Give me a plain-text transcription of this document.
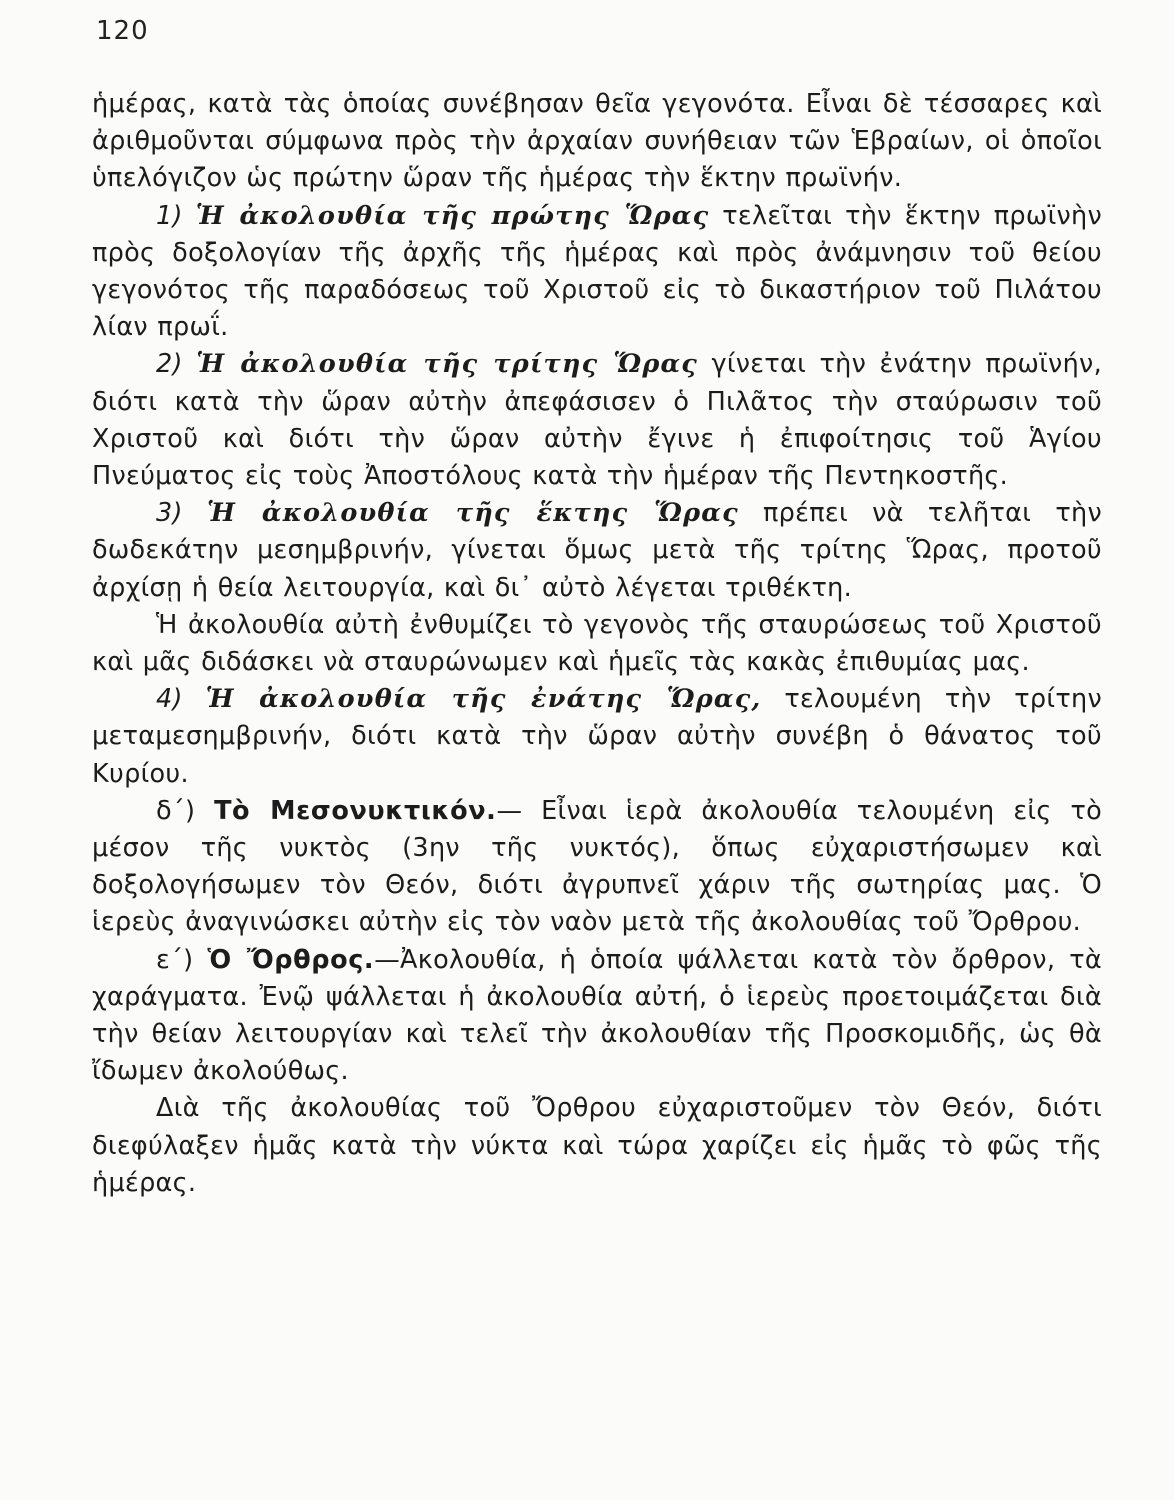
120

ἡμέρας, κατὰ τὰς ὁποίας συνέβησαν θεῖα γεγονότα. Εἶναι δὲ τέσσαρες καὶ ἀριθμοῦνται σύμφωνα πρὸς τὴν ἀρχαίαν συνήθειαν τῶν Ἑβραίων, οἱ ὁποῖοι ὑπελόγιζον ὡς πρώτην ὥραν τῆς ἡμέρας τὴν ἕκτην πρωϊνήν.

1) Ἡ ἀκολουθία τῆς πρώτης Ὥρας τελεῖται τὴν ἕκτην πρωϊνὴν πρὸς δοξολογίαν τῆς ἀρχῆς τῆς ἡμέρας καὶ πρὸς ἀνάμνησιν τοῦ θείου γεγονότος τῆς παραδόσεως τοῦ Χριστοῦ εἰς τὸ δικαστήριον τοῦ Πιλάτου λίαν πρωΐ.

2) Ἡ ἀκολουθία τῆς τρίτης Ὥρας γίνεται τὴν ἐνάτην πρωϊνήν, διότι κατὰ τὴν ὥραν αὐτὴν ἀπεφάσισεν ὁ Πιλᾶτος τὴν σταύρωσιν τοῦ Χριστοῦ καὶ διότι τὴν ὥραν αὐτὴν ἔγινε ἡ ἐπιφοίτησις τοῦ Ἁγίου Πνεύματος εἰς τοὺς Ἀποστόλους κατὰ τὴν ἡμέραν τῆς Πεντηκοστῆς.

3) Ἡ ἀκολουθία τῆς ἕκτης Ὥρας πρέπει νὰ τελῆται τὴν δωδεκάτην μεσημβρινήν, γίνεται ὅμως μετὰ τῆς τρίτης Ὥρας, προτοῦ ἀρχίσῃ ἡ θεία λειτουργία, καὶ δι᾽ αὐτὸ λέγεται τριθέκτη.

Ἡ ἀκολουθία αὐτὴ ἐνθυμίζει τὸ γεγονὸς τῆς σταυρώσεως τοῦ Χριστοῦ καὶ μᾶς διδάσκει νὰ σταυρώνωμεν καὶ ἡμεῖς τὰς κακὰς ἐπιθυμίας μας.

4) Ἡ ἀκολουθία τῆς ἐνάτης Ὥρας, τελουμένη τὴν τρίτην μεταμεσημβρινήν, διότι κατὰ τὴν ὥραν αὐτὴν συνέβη ὁ θάνατος τοῦ Κυρίου.

δ΄) Τὸ Μεσονυκτικόν.— Εἶναι ἱερὰ ἀκολουθία τελουμένη εἰς τὸ μέσον τῆς νυκτὸς (3ην τῆς νυκτός), ὅπως εὐχαριστήσωμεν καὶ δοξολογήσωμεν τὸν Θεόν, διότι ἀγρυπνεῖ χάριν τῆς σωτηρίας μας. Ὁ ἱερεὺς ἀναγινώσκει αὐτὴν εἰς τὸν ναὸν μετὰ τῆς ἀκολουθίας τοῦ Ὄρθρου.

ε΄) Ὁ Ὄρθρος.—Ἀκολουθία, ἡ ὁποία ψάλλεται κατὰ τὸν ὄρθρον, τὰ χαράγματα. Ἐνῷ ψάλλεται ἡ ἀκολουθία αὐτή, ὁ ἱερεὺς προετοιμάζεται διὰ τὴν θείαν λειτουργίαν καὶ τελεῖ τὴν ἀκολουθίαν τῆς Προσκομιδῆς, ὡς θὰ ἴδωμεν ἀκολούθως.

Διὰ τῆς ἀκολουθίας τοῦ Ὄρθρου εὐχαριστοῦμεν τὸν Θεόν, διότι διεφύλαξεν ἡμᾶς κατὰ τὴν νύκτα καὶ τώρα χαρίζει εἰς ἡμᾶς τὸ φῶς τῆς ἡμέρας.
